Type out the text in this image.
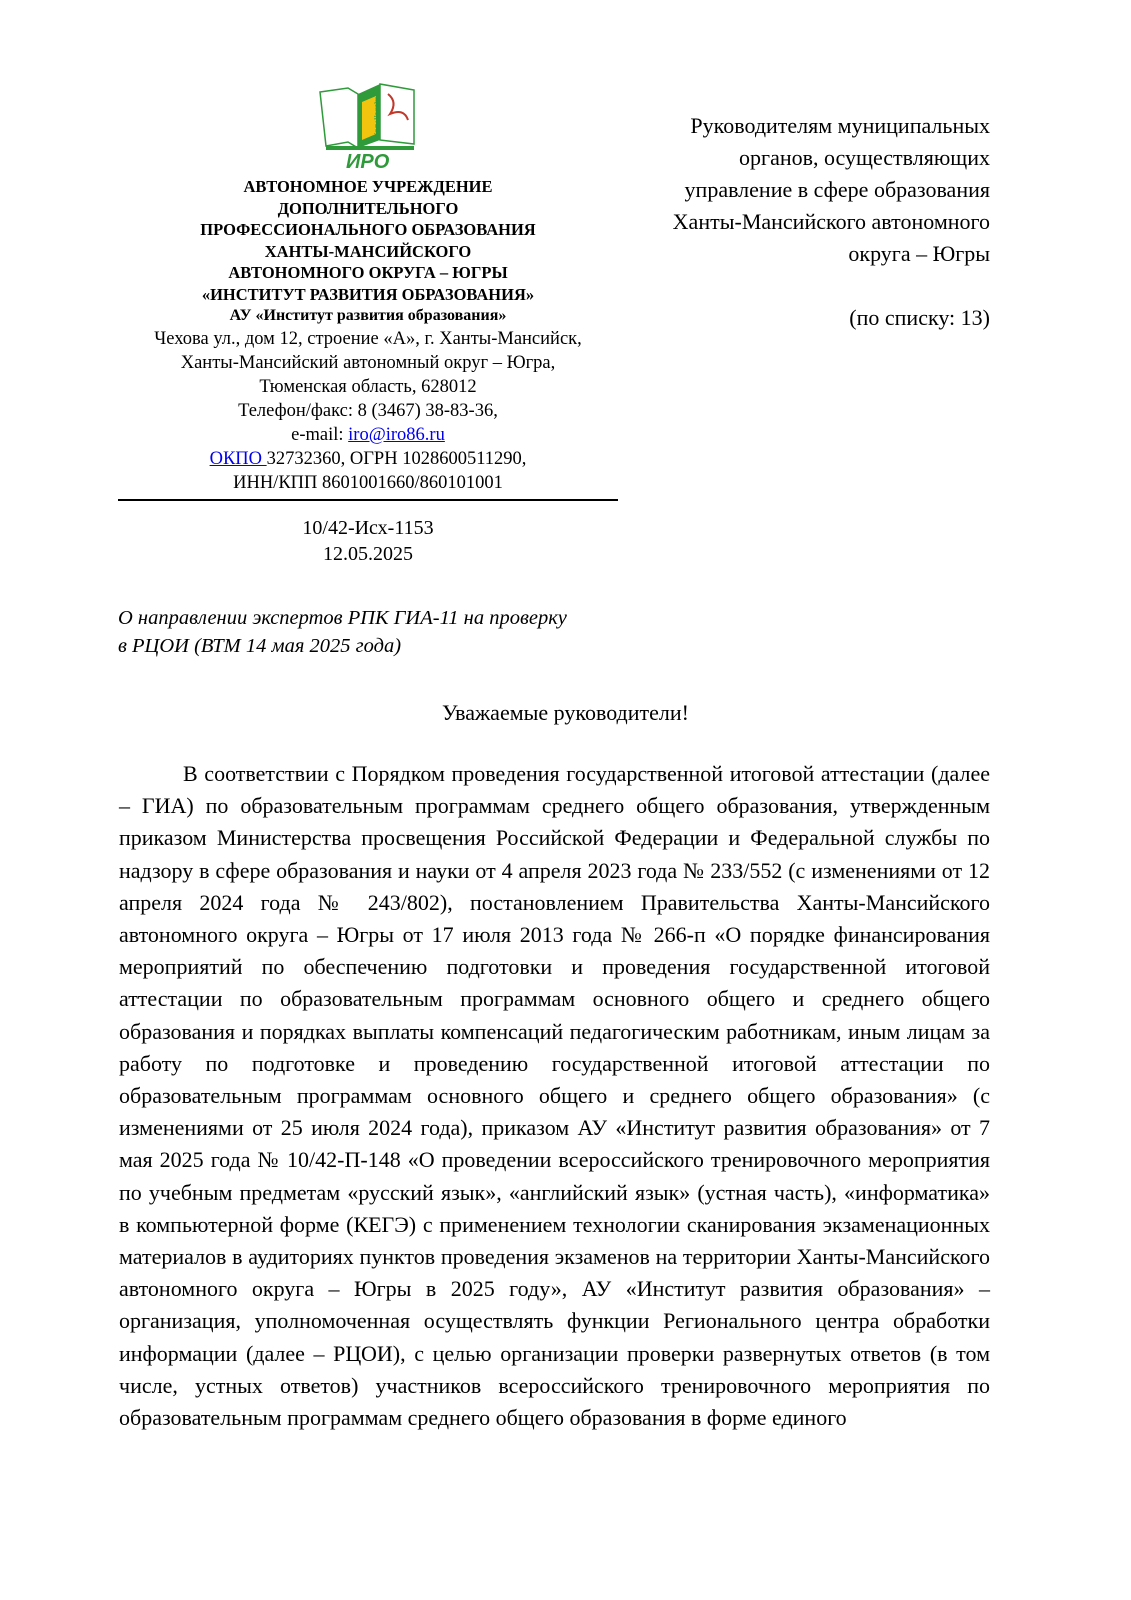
г. Ханты-Мансийск
ИРО
АВТОНОМНОЕ УЧРЕЖДЕНИЕ
ДОПОЛНИТЕЛЬНОГО
ПРОФЕССИОНАЛЬНОГО ОБРАЗОВАНИЯ
ХАНТЫ-МАНСИЙСКОГО
АВТОНОМНОГО ОКРУГА – ЮГРЫ
«ИНСТИТУТ РАЗВИТИЯ ОБРАЗОВАНИЯ»
АУ «Институт развития образования»
Чехова ул., дом 12, строение «А», г. Ханты-Мансийск,
Ханты-Мансийский автономный округ – Югра,
Тюменская область, 628012
Телефон/факс: 8 (3467) 38-83-36,
e-mail: iro@iro86.ru
ОКПО 32732360, ОГРН 1028600511290,
ИНН/КПП 8601001660/860101001
Руководителям муниципальных
органов, осуществляющих
управление в сфере образования
Ханты-Мансийского автономного
округа – Югры
(по списку: 13)
10/42-Исх-1153
12.05.2025
О направлении экспертов РПК ГИА-11 на проверку
в РЦОИ (ВТМ 14 мая 2025 года)
Уважаемые руководители!

В соответствии с Порядком проведения государственной итоговой аттестации (далее – ГИА) по образовательным программам среднего общего образования, утвержденным приказом Министерства просвещения Российской Федерации и Федеральной службы по надзору в сфере образования и науки от 4 апреля 2023 года № 233/552 (с изменениями от 12 апреля 2024 года № 243/802), постановлением Правительства Ханты-Мансийского автономного округа – Югры от 17 июля 2013 года № 266-п «О порядке финансирования мероприятий по обеспечению подготовки и проведения государственной итоговой аттестации по образовательным программам основного общего и среднего общего образования и порядках выплаты компенсаций педагогическим работникам, иным лицам за работу по подготовке и проведению государственной итоговой аттестации по образовательным программам основного общего и среднего общего образования» (с изменениями от 25 июля 2024 года), приказом АУ «Институт развития образования» от 7 мая 2025 года № 10/42-П-148 «О проведении всероссийского тренировочного мероприятия по учебным предметам «русский язык», «английский язык» (устная часть), «информатика» в компьютерной форме (КЕГЭ) с применением технологии сканирования экзаменационных материалов в аудиториях пунктов проведения экзаменов на территории Ханты-Мансийского автономного округа – Югры в 2025 году», АУ «Институт развития образования» – организация, уполномоченная осуществлять функции Регионального центра обработки информации (далее – РЦОИ), с целью организации проверки развернутых ответов (в том числе, устных ответов) участников всероссийского тренировочного мероприятия по образовательным программам среднего общего образования в форме единого
